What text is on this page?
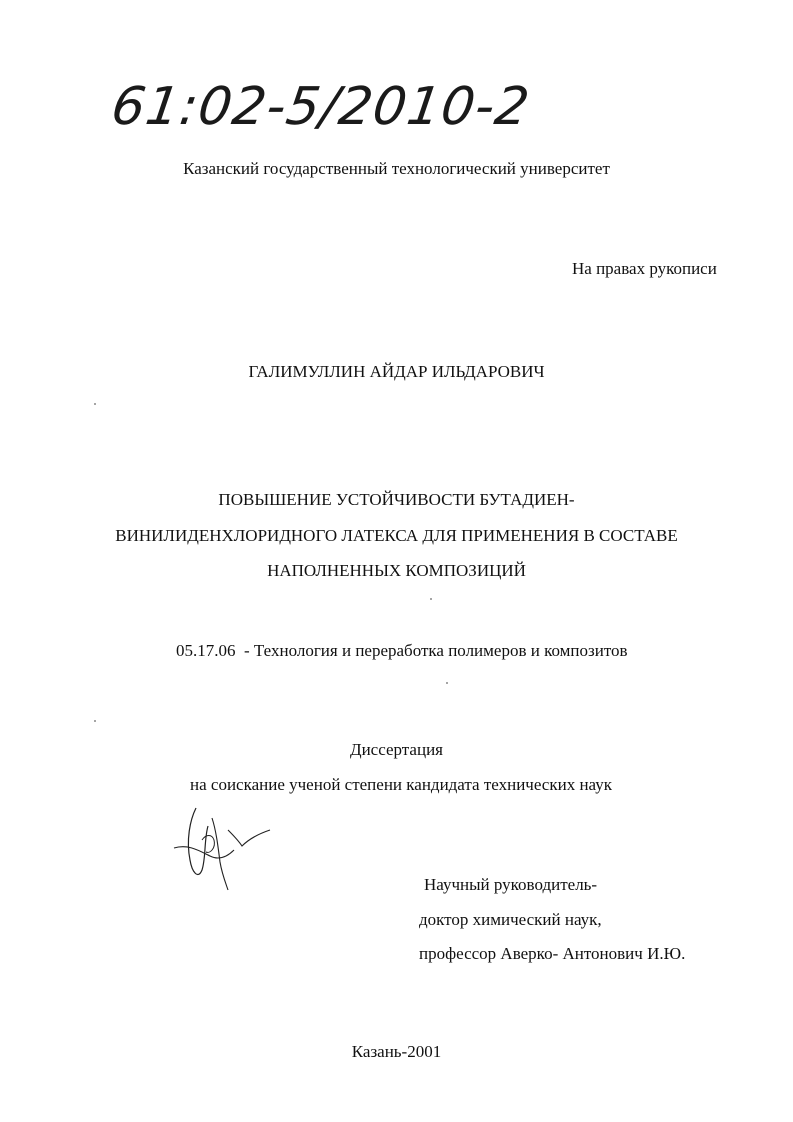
61:02-5/2010-2
Казанский государственный технологический университет
На правах рукописи
ГАЛИМУЛЛИН АЙДАР ИЛЬДАРОВИЧ
ПОВЫШЕНИЕ УСТОЙЧИВОСТИ БУТАДИЕН-
ВИНИЛИДЕНХЛОРИДНОГО ЛАТЕКСА ДЛЯ ПРИМЕНЕНИЯ В СОСТАВЕ
НАПОЛНЕННЫХ КОМПОЗИЦИЙ
05.17.06  - Технология и переработка полимеров и композитов
Диссертация
на соискание ученой степени кандидата технических наук
Научный руководитель-
доктор химический наук,
профессор Аверко- Антонович И.Ю.
Казань-2001
